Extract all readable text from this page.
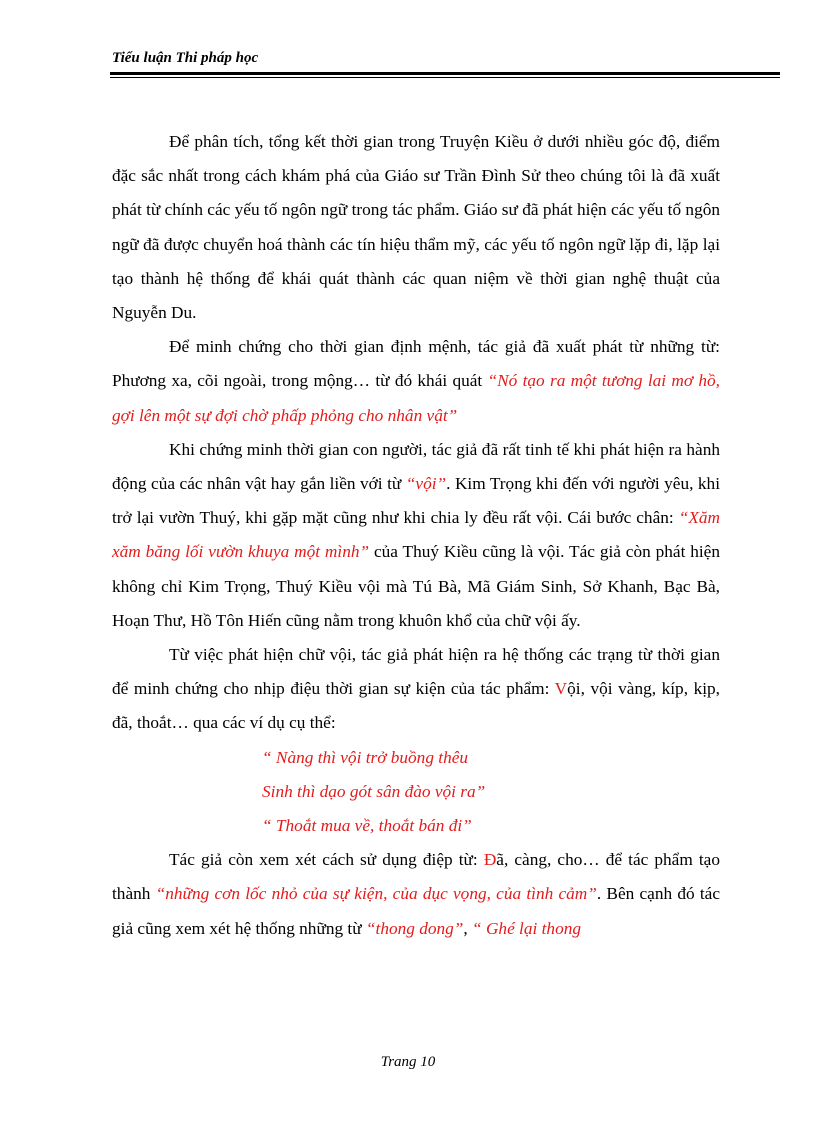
Tiểu luận Thi pháp học

Để phân tích, tổng kết thời gian trong Truyện Kiều ở dưới nhiều góc độ, điểm đặc sắc nhất trong cách khám phá của Giáo sư Trần Đình Sử theo chúng tôi là đã xuất phát từ chính các yếu tố ngôn ngữ trong tác phẩm. Giáo sư đã phát hiện các yếu tố ngôn ngữ đã được chuyển hoá thành các tín hiệu thẩm mỹ, các yếu tố ngôn ngữ lặp đi, lặp lại tạo thành hệ thống để khái quát thành các quan niệm về thời gian nghệ thuật của Nguyễn Du.

Để minh chứng cho thời gian định mệnh, tác giả đã xuất phát từ những từ: Phương xa, cõi ngoài, trong mộng… từ đó khái quát “Nó tạo ra một tương lai mơ hồ, gợi lên một sự đợi chờ phấp phỏng cho nhân vật”

Khi chứng minh thời gian con người, tác giả đã rất tinh tế khi phát hiện ra hành động của các nhân vật hay gắn liền với từ “vội”. Kim Trọng khi đến với người yêu, khi trở lại vườn Thuý, khi gặp mặt cũng như khi chia ly đều rất vội. Cái bước chân: “Xăm xăm băng lối vườn khuya một mình” của Thuý Kiều cũng là vội. Tác giả còn phát hiện không chỉ Kim Trọng, Thuý Kiều vội mà Tú Bà, Mã Giám Sinh, Sở Khanh, Bạc Bà, Hoạn Thư, Hồ Tôn Hiến cũng nằm trong khuôn khổ của chữ vội ấy.

Từ việc phát hiện chữ vội, tác giả phát hiện ra hệ thống các trạng từ thời gian để minh chứng cho nhịp điệu thời gian sự kiện của tác phẩm: Vội, vội vàng, kíp, kịp, đã, thoắt… qua các ví dụ cụ thể:

“ Nàng thì vội trở buồng thêu
Sinh thì dạo gót sân đào vội ra”
“ Thoắt mua về, thoắt bán đi”

Tác giả còn xem xét cách sử dụng điệp từ: Đã, càng, cho… để tác phẩm tạo thành “những cơn lốc nhỏ của sự kiện, của dục vọng, của tình cảm”. Bên cạnh đó tác giả cũng xem xét hệ thống những từ “thong dong”, “ Ghé lại thong

Trang 10
